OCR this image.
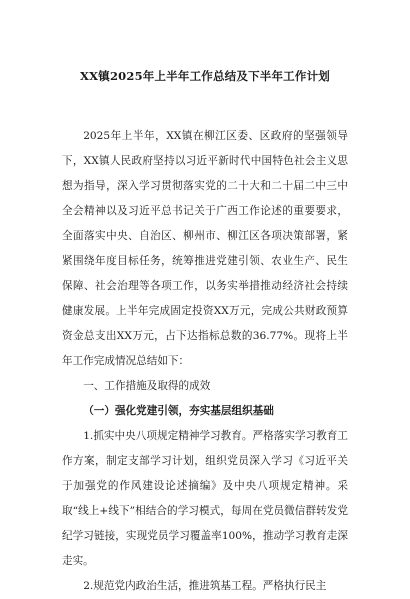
XX镇2025年上半年工作总结及下半年工作计划

2025年上半年，XX镇在柳江区委、区政府的坚强领导下，XX镇人民政府坚持以习近平新时代中国特色社会主义思想为指导，深入学习贯彻落实党的二十大和二十届二中三中全会精神以及习近平总书记关于广西工作论述的重要要求，全面落实中央、自治区、柳州市、柳江区各项决策部署，紧紧围绕年度目标任务，统筹推进党建引领、农业生产、民生保障、社会治理等各项工作，以务实举措推动经济社会持续健康发展。上半年完成固定投资XX万元，完成公共财政预算资金总支出XX万元，占下达指标总数的36.77%。现将上半年工作完成情况总结如下：

一、工作措施及取得的成效

（一）强化党建引领，夯实基层组织基础

1.抓实中央八项规定精神学习教育。严格落实学习教育工作方案，制定支部学习计划，组织党员深入学习《习近平关于加强党的作风建设论述摘编》及中央八项规定精神。采取“线上+线下”相结合的学习模式，每周在党员微信群转发党纪学习链接，实现党员学习覆盖率100%，推动学习教育走深走实。

2.规范党内政治生活，推进筑基工程。严格执行民主
